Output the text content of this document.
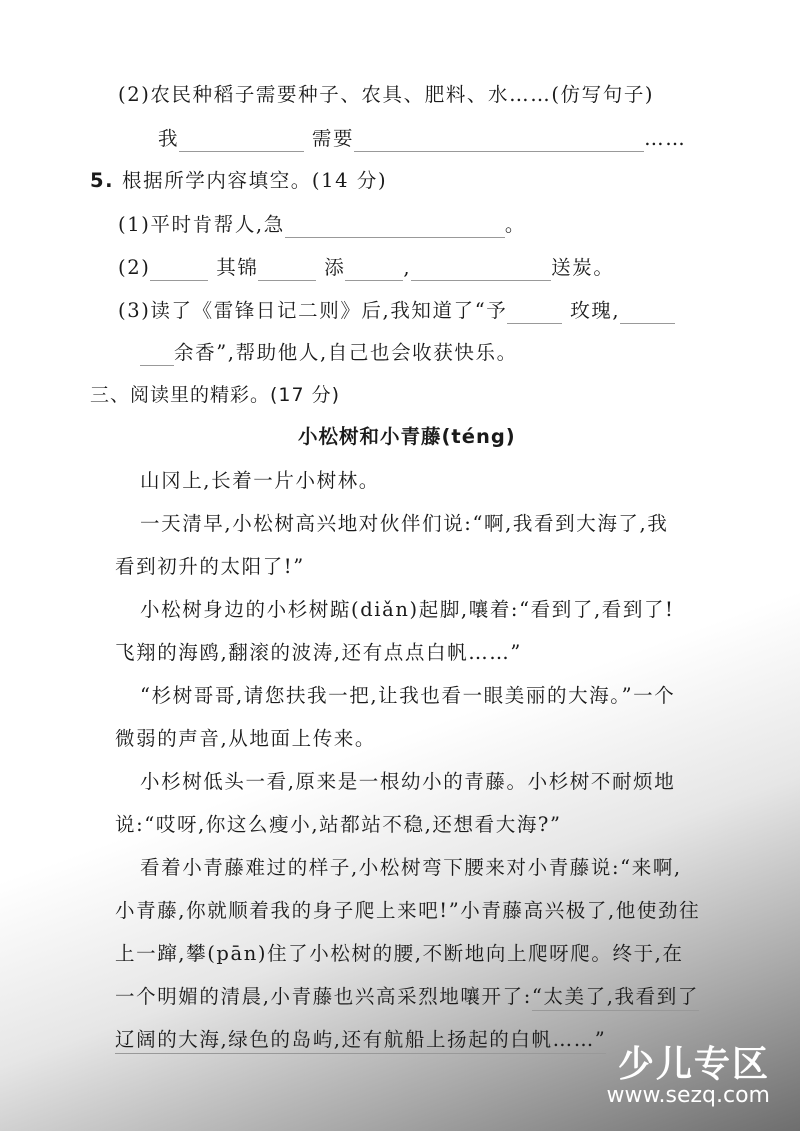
(2)农民种稻子需要种子、农具、肥料、水……(仿写句子)
我	需要	……
5. 根据所学内容填空。(14 分)
(1)平时肯帮人,急	。
(2)	其锦	添	,	送炭。
(3)读了《雷锋日记二则》后,我知道了“予	玫瑰,
余香”,帮助他人,自己也会收获快乐。
三、阅读里的精彩。(17 分)
小松树和小青藤(téng)
山冈上,长着一片小树林。
一天清早,小松树高兴地对伙伴们说:“啊,我看到大海了,我
看到初升的太阳了!”
小松树身边的小杉树踮(diǎn)起脚,嚷着:“看到了,看到了!
飞翔的海鸥,翻滚的波涛,还有点点白帆……”
“杉树哥哥,请您扶我一把,让我也看一眼美丽的大海。”一个
微弱的声音,从地面上传来。
小杉树低头一看,原来是一根幼小的青藤。小杉树不耐烦地
说:“哎呀,你这么瘦小,站都站不稳,还想看大海?”
看着小青藤难过的样子,小松树弯下腰来对小青藤说:“来啊,
小青藤,你就顺着我的身子爬上来吧!”小青藤高兴极了,他使劲往
上一蹿,攀(pān)住了小松树的腰,不断地向上爬呀爬。终于,在
一个明媚的清晨,小青藤也兴高采烈地嚷开了:“太美了,我看到了
辽阔的大海,绿色的岛屿,还有航船上扬起的白帆……”
少儿专区
www.sezq.com
